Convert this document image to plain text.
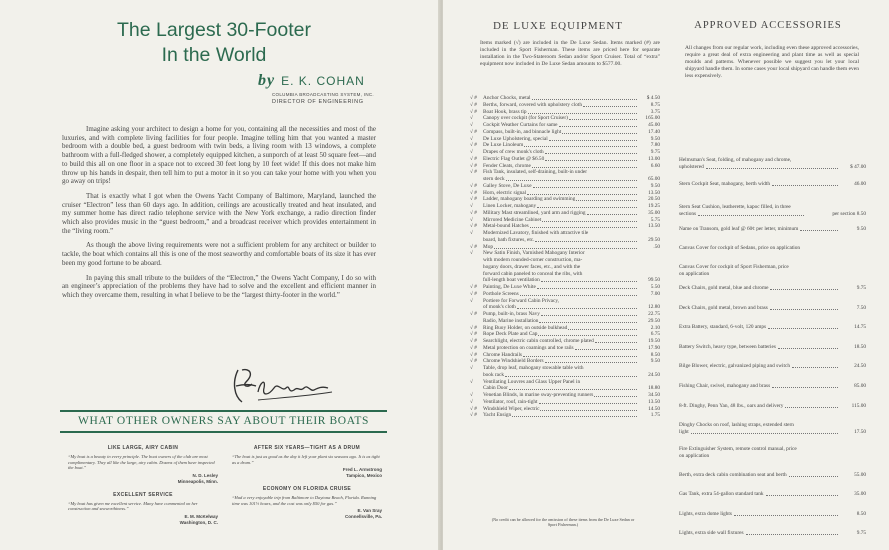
The Largest 30-Footer
In the World
by E. K. COHAN
COLUMBIA BROADCASTING SYSTEM, INC.
DIRECTOR OF ENGINEERING

Imagine asking your architect to design a home for you, containing all the necessities and most of the luxuries, and with complete living facilities for four people. Imagine telling him that you wanted a master bedroom with a double bed, a guest bedroom with twin beds, a living room with 13 windows, a complete bathroom with a full-fledged shower, a completely equipped kitchen, a sunporch of at least 50 square feet—and to build this all on one floor in a space not to exceed 30 feet long by 10 feet wide! If this does not make him throw up his hands in despair, then tell him to put a motor in it so you can take your home with you when you go away on trips!

That is exactly what I got when the Owens Yacht Company of Baltimore, Maryland, launched the cruiser “Electron” less than 60 days ago. In addition, ceilings are acoustically treated and heat insulated, and my summer home has direct radio telephone service with the New York exchange, a radio direction finder which also provides music in the “guest bedroom,” and a broadcast receiver which provides entertainment in the “living room.”

As though the above living requirements were not a sufficient problem for any architect or builder to tackle, the boat which contains all this is one of the most seaworthy and comfortable boats of its size it has ever been my good fortune to be aboard.

In paying this small tribute to the builders of the “Electron,” the Owens Yacht Company, I do so with an engineer’s appreciation of the problems they have had to solve and the excellent and efficient manner in which they overcame them, resulting in what I believe to be the “largest thirty-footer in the world.”

WHAT OTHER OWNERS SAY ABOUT THEIR BOATS
LIKE LARGE, AIRY CABIN

“My boat is a beauty in every principle. The boat owners of the club are most complimentary. They all like the large, airy cabin. Dozens of them have inspected the boat.”

N. D. Lesley

Minneapolis, Minn.

EXCELLENT SERVICE

“My boat has given me excellent service. Many have commented on her construction and seaworthiness.”

E. M. McKelway

Washington, D. C.

AFTER SIX YEARS—TIGHT AS A DRUM

“The boat is just as good as the day it left your plant six seasons ago. It is as tight as a drum.”

Fred L. Armstrong

Tampico, Mexico

ECONOMY ON FLORIDA CRUISE

“Had a very enjoyable trip from Baltimore to Daytona Beach, Florida. Running time was 101½ hours, and the cost was only $50 for gas.”

E. Van Sray

Connellsville, Pa.

DE LUXE EQUIPMENT
Items marked (√) are included in the De Luxe Sedan. Items marked (#) are included in the Sport Fisherman. These items are priced here for separate installation in the Two-Stateroom Sedan and/or Sport Cruiser. Total of “extra” equipment now included in De Luxe Sedan amounts to $577.00.
√ #	Anchor Chocks, metal	$ 4.50
√ #	Berths, forward, covered with upholstery cloth	8.75
√ #	Boat Hook, brass tip	3.75
√	Canopy over cockpit (for Sport Cruiser)	165.00
√	Cockpit Weather Curtains for same	45.00
√ #	Compass, built-in, and binnacle light	17.40
√	De Luxe Upholstering, special	9.50
√ #	De Luxe Linoleum	7.80
√	Drapes of crew monk's cloth	9.75
√ #	Electric Flag Outlet @ $6.50	13.00
√ #	Fender Cleats, chrome	6.60
√ #	Fish Tank, insulated, self-draining, built-in under
stern deck	65.00
√ #	Galley Stove, De Luxe	9.50
√ #	Horn, electric signal	13.50
√ #	Ladder, mahogany boarding and swimming	20.50
√	Linen Locker, mahogany	19.25
√ #	Military Mast streamlined, yard arm and rigging	35.00
√	Mirrored Medicine Cabinet	5.75
√ #	Metal-bound Hatches	13.50
√	Modernized Lavatory, finished with attractive tile
board, bath fixtures, etc.	29.50
√ #	Mop	.50
√	New Satin Finish, Varnished Mahogany Interior
with modern rounded-corner construction, ma-
hogany doors, drawer faces, etc., and with the
forward cabin paneled to conceal the ribs, with
full-length boat ventilation	99.50
√ #	Painting, De Luxe White	5.50
√ #	Porthole Screens	7.00
√	Portiere for Forward Cabin Privacy,
of monk's cloth	12.80
√ #	Pump, built-in, brass Navy	22.75
Radio, Marine installation	29.50
√ #	Ring Buoy Holder, on outside bulkhead	2.10
√ #	Rope Deck Plate and Cap	6.75
√ #	Searchlight, electric cabin controlled, chrome plated	19.50
√ #	Metal protection on coamings and toe rails	17.90
√ #	Chrome Handrails	8.50
√ #	Chrome Windshield Borders	9.50
√	Table, drop leaf, mahogany stowable table with
book rack	24.50
√	Ventilating Louvres and Glass Upper Panel in
Cabin Door	18.80
√	Venetian Blinds, in marine sway-preventing runners	34.50
√	Ventilator, roof, rain-tight	13.50
√ #	Windshield Wiper, electric	14.50
√ #	Yacht Ensign	1.75
(No credit can be allowed for the omission of these items from the De Luxe Sedan or Sport Fisherman.)
APPROVED ACCESSORIES
All changes from our regular work, including even these approved accessories, require a great deal of extra engineering and plant time as well as special moulds and patterns. Whenever possible we suggest you let your local shipyard handle them. In some cases your local shipyard can handle them even less expensively.
Helmsman's Seat, folding, of mahogany and chrome,
upholstered	$ 47.00
Stern Cockpit Seat, mahogany, berth width	46.00
Stern Seat Cushion, leatherette, kapoc filled, in three
sections	per section 8.50
Name on Transom, gold leaf @ 60¢ per letter, minimum	9.50
Canvas Cover for cockpit of Sedans, price on application
Canvas Cover for cockpit of Sport Fisherman, price
on application
Deck Chairs, gold metal, blue and chrome	9.75
Deck Chairs, gold metal, brown and brass	7.50
Extra Battery, standard, 6-volt, 120 amps	14.75
Battery Switch, heavy type, between batteries	18.50
Bilge Blower, electric, galvanized piping and switch	24.50
Fishing Chair, swivel, mahogany and brass	85.00
8-ft. Dinghy, Penn Yan, 48 lbs., oars and delivery	115.00
Dinghy Chocks on roof, lashing straps, extended stern
light	17.50
Fire Extinguisher System, remote control manual, price
on application
Berth, extra deck cabin combination seat and berth	55.00
Gas Tank, extra 54-gallon standard tank	35.00
Lights, extra dome lights	8.50
Lights, extra side wall fixtures	9.75
